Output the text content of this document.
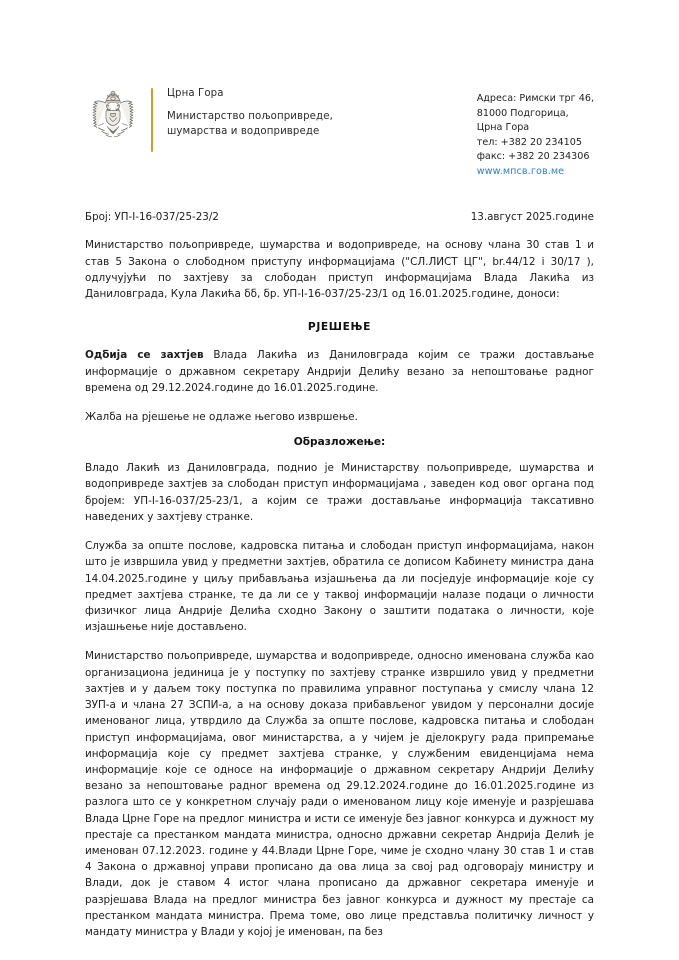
Црна Гора
Министарство пољопривреде,
шумарства и водопривреде
Адреса: Римски трг 46,
81000 Подгорица,
Црна Гора
тел: +382 20 234105
факс: +382 20 234306
www.мпсв.гов.ме
Број: УП-I-16-037/25-23/2	13.август 2025.године

Министарство пољопривреде, шумарства и водопривреде, на основу члана 30 став 1 и став 5 Закона о слободном приступу информацијама ("СЛ.ЛИСТ ЦГ", br.44/12 i 30/17 ), одлучујући по захтјеву за слободан приступ информацијама Влада Лакића из Даниловграда, Кула Лакића бб, бр. УП-I-16-037/25-23/1 од 16.01.2025.године, доноси:

РЈЕШЕЊЕ

Одбија се захтјев Влада Лакића из Даниловграда којим се тражи достављање информације о државном секретару Андрији Делићу везано за непоштовање радног времена од 29.12.2024.године до 16.01.2025.године.

Жалба на рјешење не одлаже његово извршење.

Образложење:

Владо Лакић из Даниловграда, поднио је Министарству пољопривреде, шумарства и водопривреде захтјев за слободан приступ информацијама , заведен код овог органа под бројем: УП-I-16-037/25-23/1, а којим се тражи достављање информација таксативно наведених у захтјеву странке.

Служба за опште послове, кадровска питања и слободан приступ информацијама, након што је извршила увид у предметни захтјев, обратила се дописом Кабинету министра дана 14.04.2025.године у циљу прибављања изјашњења да ли посједује информације које су предмет захтјева странке, те да ли се у таквој информацији налазе подаци о личности физичког лица Андрије Делића сходно Закону о заштити података о личности, које изјашњење није достављено.

Министарство пољопривреде, шумарства и водопривреде, односно именована служба као организациона јединица је у поступку по захтјеву странке извршило увид у предметни захтјев и у даљем току поступка по правилима управног поступања у смислу члана 12 ЗУП-а и члана 27 ЗСПИ-а, а на основу доказа прибављеног увидом у персонални досије именованог лица, утврдило да Служба за опште послове, кадровска питања и слободан приступ информацијама, овог министарства, а у чијем је дјелокругу рада припремање информација које су предмет захтјева странке, у службеним евиденцијама нема информације које се односе на информације о државном секретару Андрији Делићу везано за непоштовање радног времена од 29.12.2024.године до 16.01.2025.године из разлога што се у конкретном случају ради о именованом лицу које именује и разрјешава Влада Црне Горе на предлог министра и исти се именује без јавног конкурса и дужност му престаје са престанком мандата министра, односно државни секретар Андрија Делић је именован 07.12.2023. године у 44.Влади Црне Горе, чиме је сходно члану 30 став 1 и став 4 Закона о државној управи прописано да ова лица за свој рад одговорају министру и Влади, док је ставом 4 истог члана прописано да државног секретара именује и разрјешава Влада на предлог министра без јавног конкурса и дужност му престаје са престанком мандата министра. Према томе, ово лице представља политичку личност у мандату министра у Влади у којој је именован, па без
